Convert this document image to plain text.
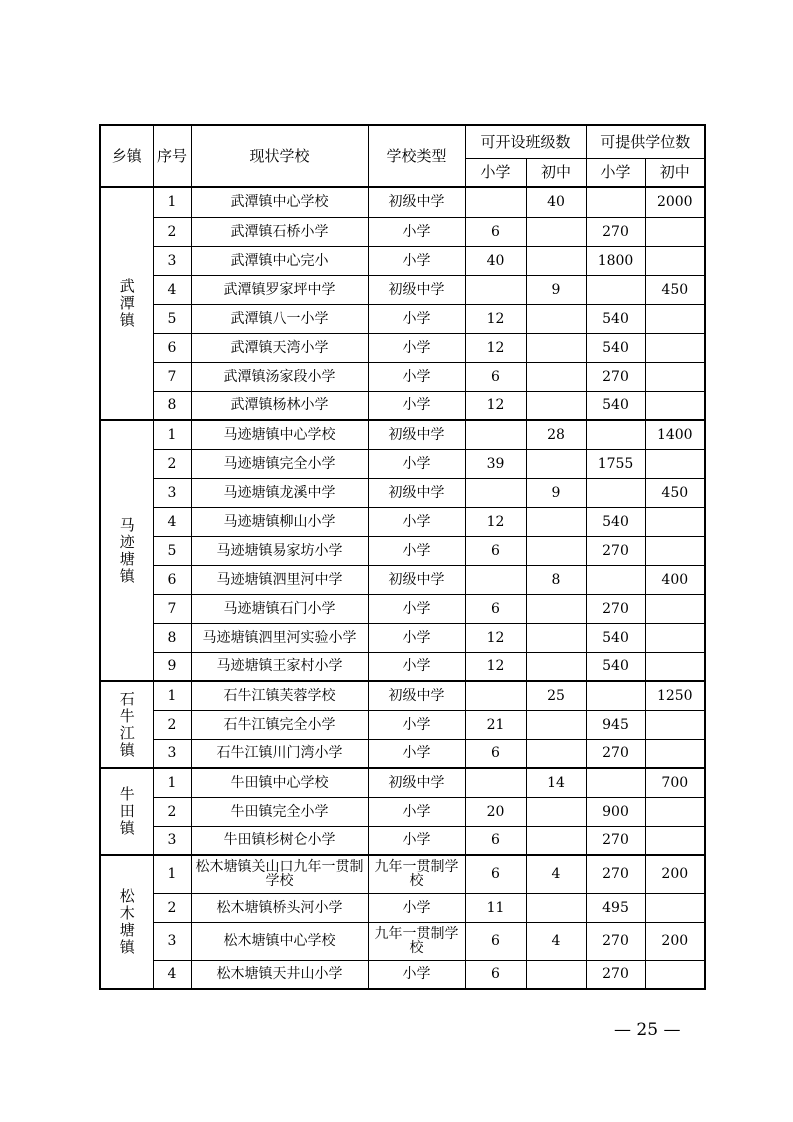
乡镇	序号	现状学校	学校类型	可开设班级数		可提供学位数	
				小学	初中	小学	初中
武潭镇	1	武潭镇中心学校	初级中学		40		2000
	2	武潭镇石桥小学	小学	6		270	
	3	武潭镇中心完小	小学	40		1800	
	4	武潭镇罗家坪中学	初级中学		9		450
	5	武潭镇八一小学	小学	12		540	
	6	武潭镇天湾小学	小学	12		540	
	7	武潭镇汤家段小学	小学	6		270	
	8	武潭镇杨林小学	小学	12		540	
马迹塘镇	1	马迹塘镇中心学校	初级中学		28		1400
	2	马迹塘镇完全小学	小学	39		1755	
	3	马迹塘镇龙溪中学	初级中学		9		450
	4	马迹塘镇柳山小学	小学	12		540	
	5	马迹塘镇易家坊小学	小学	6		270	
	6	马迹塘镇泗里河中学	初级中学		8		400
	7	马迹塘镇石门小学	小学	6		270	
	8	马迹塘镇泗里河实验小学	小学	12		540	
	9	马迹塘镇王家村小学	小学	12		540	
石牛江镇	1	石牛江镇芙蓉学校	初级中学		25		1250
	2	石牛江镇完全小学	小学	21		945	
	3	石牛江镇川门湾小学	小学	6		270	
牛田镇	1	牛田镇中心学校	初级中学		14		700
	2	牛田镇完全小学	小学	20		900	
	3	牛田镇杉树仑小学	小学	6		270	
松木塘镇	1	松木塘镇关山口九年一贯制学校	九年一贯制学校	6	4	270	200
	2	松木塘镇桥头河小学	小学	11		495	
	3	松木塘镇中心学校	九年一贯制学校	6	4	270	200
	4	松木塘镇天井山小学	小学	6		270	
— 25 —
